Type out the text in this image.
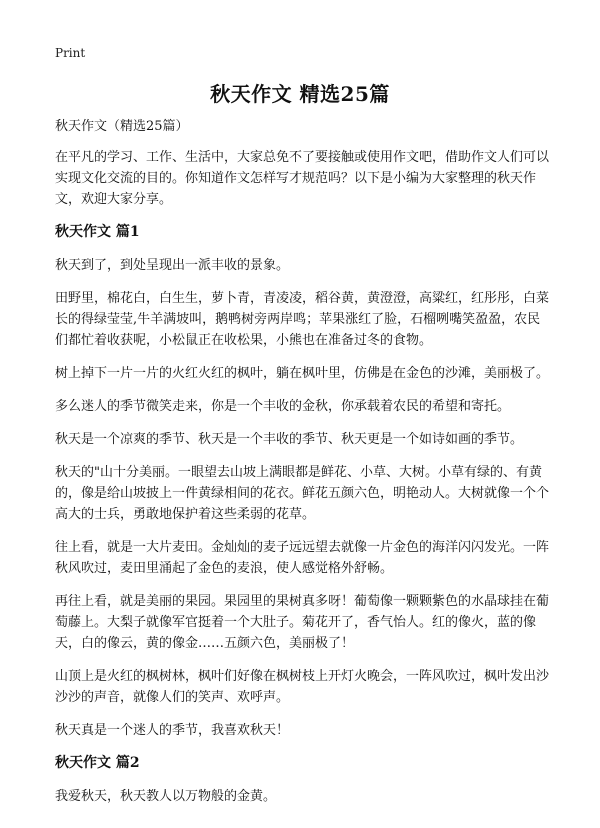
Print
秋天作文 精选25篇

秋天作文（精选25篇）

在平凡的学习、工作、生活中，大家总免不了要接触或使用作文吧，借助作文人们可以实现文化交流的目的。你知道作文怎样写才规范吗？以下是小编为大家整理的秋天作文，欢迎大家分享。

秋天作文 篇1

秋天到了，到处呈现出一派丰收的景象。

田野里，棉花白，白生生，萝卜青，青凌凌，稻谷黄，黄澄澄，高粱红，红彤彤，白菜长的得绿莹莹,牛羊满坡叫，鹅鸭树旁两岸鸣；苹果涨红了脸，石榴咧嘴笑盈盈，农民们都忙着收获呢，小松鼠正在收松果，小熊也在准备过冬的食物。

树上掉下一片一片的火红火红的枫叶，躺在枫叶里，仿佛是在金色的沙滩，美丽极了。

多么迷人的季节微笑走来，你是一个丰收的金秋，你承载着农民的希望和寄托。

秋天是一个凉爽的季节、秋天是一个丰收的季节、秋天更是一个如诗如画的季节。

秋天的"山十分美丽。一眼望去山坡上满眼都是鲜花、小草、大树。小草有绿的、有黄的，像是给山坡披上一件黄绿相间的花衣。鲜花五颜六色，明艳动人。大树就像一个个高大的士兵，勇敢地保护着这些柔弱的花草。

往上看，就是一大片麦田。金灿灿的麦子远远望去就像一片金色的海洋闪闪发光。一阵秋风吹过，麦田里涌起了金色的麦浪，使人感觉格外舒畅。

再往上看，就是美丽的果园。果园里的果树真多呀！葡萄像一颗颗紫色的水晶球挂在葡萄藤上。大梨子就像军官挺着一个大肚子。菊花开了，香气怡人。红的像火，蓝的像天，白的像云，黄的像金……五颜六色，美丽极了！

山顶上是火红的枫树林，枫叶们好像在枫树枝上开灯火晚会，一阵风吹过，枫叶发出沙沙沙的声音，就像人们的笑声、欢呼声。

秋天真是一个迷人的季节，我喜欢秋天！

秋天作文 篇2

我爱秋天，秋天教人以万物般的金黄。
